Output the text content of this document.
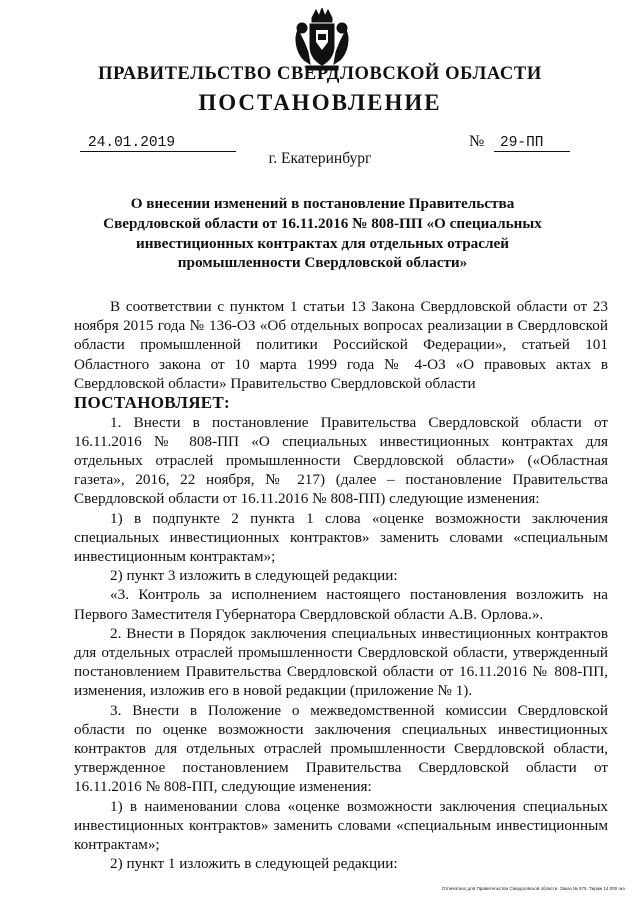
ПРАВИТЕЛЬСТВО СВЕРДЛОВСКОЙ ОБЛАСТИ
ПОСТАНОВЛЕНИЕ
24.01.2019	№	29-ПП
г. Екатеринбург
О внесении изменений в постановление Правительства Свердловской области от 16.11.2016 № 808-ПП «О специальных инвестиционных контрактах для отдельных отраслей промышленности Свердловской области»

В соответствии с пунктом 1 статьи 13 Закона Свердловской области от 23 ноября 2015 года № 136-ОЗ «Об отдельных вопросах реализации в Свердловской области промышленной политики Российской Федерации», статьей 101 Областного закона от 10 марта 1999 года № 4-ОЗ «О правовых актах в Свердловской области» Правительство Свердловской области

ПОСТАНОВЛЯЕТ:

1. Внести в постановление Правительства Свердловской области от 16.11.2016 № 808-ПП «О специальных инвестиционных контрактах для отдельных отраслей промышленности Свердловской области» («Областная газета», 2016, 22 ноября, № 217) (далее – постановление Правительства Свердловской области от 16.11.2016 № 808-ПП) следующие изменения:

1) в подпункте 2 пункта 1 слова «оценке возможности заключения специальных инвестиционных контрактов» заменить словами «специальным инвестиционным контрактам»;

2) пункт 3 изложить в следующей редакции:

«3. Контроль за исполнением настоящего постановления возложить на Первого Заместителя Губернатора Свердловской области А.В. Орлова.».

2. Внести в Порядок заключения специальных инвестиционных контрактов для отдельных отраслей промышленности Свердловской области, утвержденный постановлением Правительства Свердловской области от 16.11.2016 № 808-ПП, изменения, изложив его в новой редакции (приложение № 1).

3. Внести в Положение о межведомственной комиссии Свердловской области по оценке возможности заключения специальных инвестиционных контрактов для отдельных отраслей промышленности Свердловской области, утвержденное постановлением Правительства Свердловской области от 16.11.2016 № 808-ПП, следующие изменения:

1) в наименовании слова «оценке возможности заключения специальных инвестиционных контрактов» заменить словами «специальным инвестиционным контрактам»;

2) пункт 1 изложить в следующей редакции:

Отпечатано для Правительства Свердловской области. Заказ № 575. Тираж 14 000 экз.
